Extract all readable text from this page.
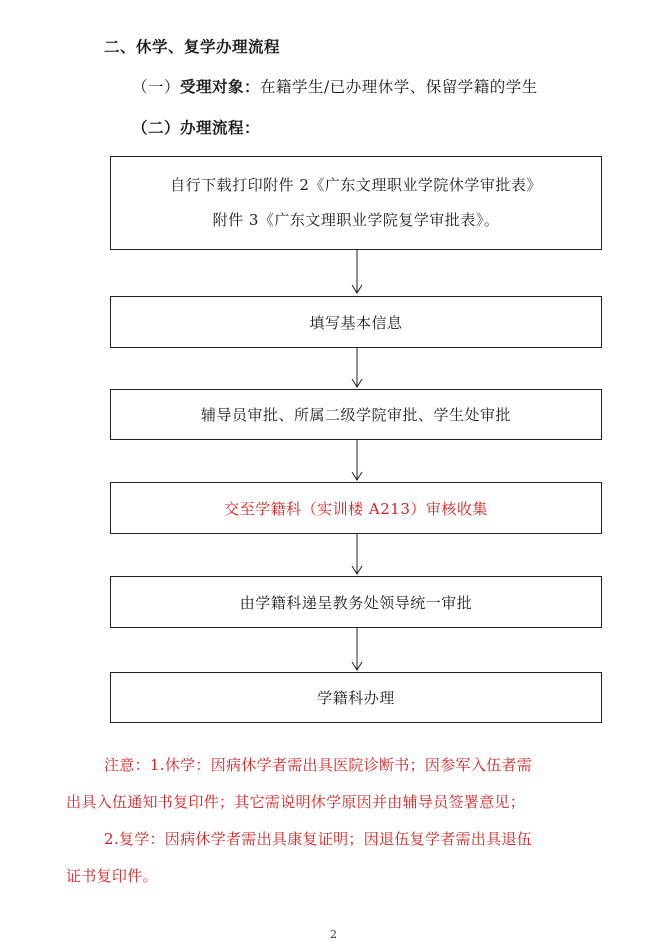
二、休学、复学办理流程
（一）受理对象：在籍学生/已办理休学、保留学籍的学生
（二）办理流程：
自行下载打印附件 2《广东文理职业学院休学审批表》
附件 3《广东文理职业学院复学审批表》。
填写基本信息
辅导员审批、所属二级学院审批、学生处审批
交至学籍科（实训楼 A213）审核收集
由学籍科递呈教务处领导统一审批
学籍科办理
注意：1.休学：因病休学者需出具医院诊断书；因参军入伍者需
出具入伍通知书复印件；其它需说明休学原因并由辅导员签署意见；
2.复学：因病休学者需出具康复证明；因退伍复学者需出具退伍
证书复印件。
2
